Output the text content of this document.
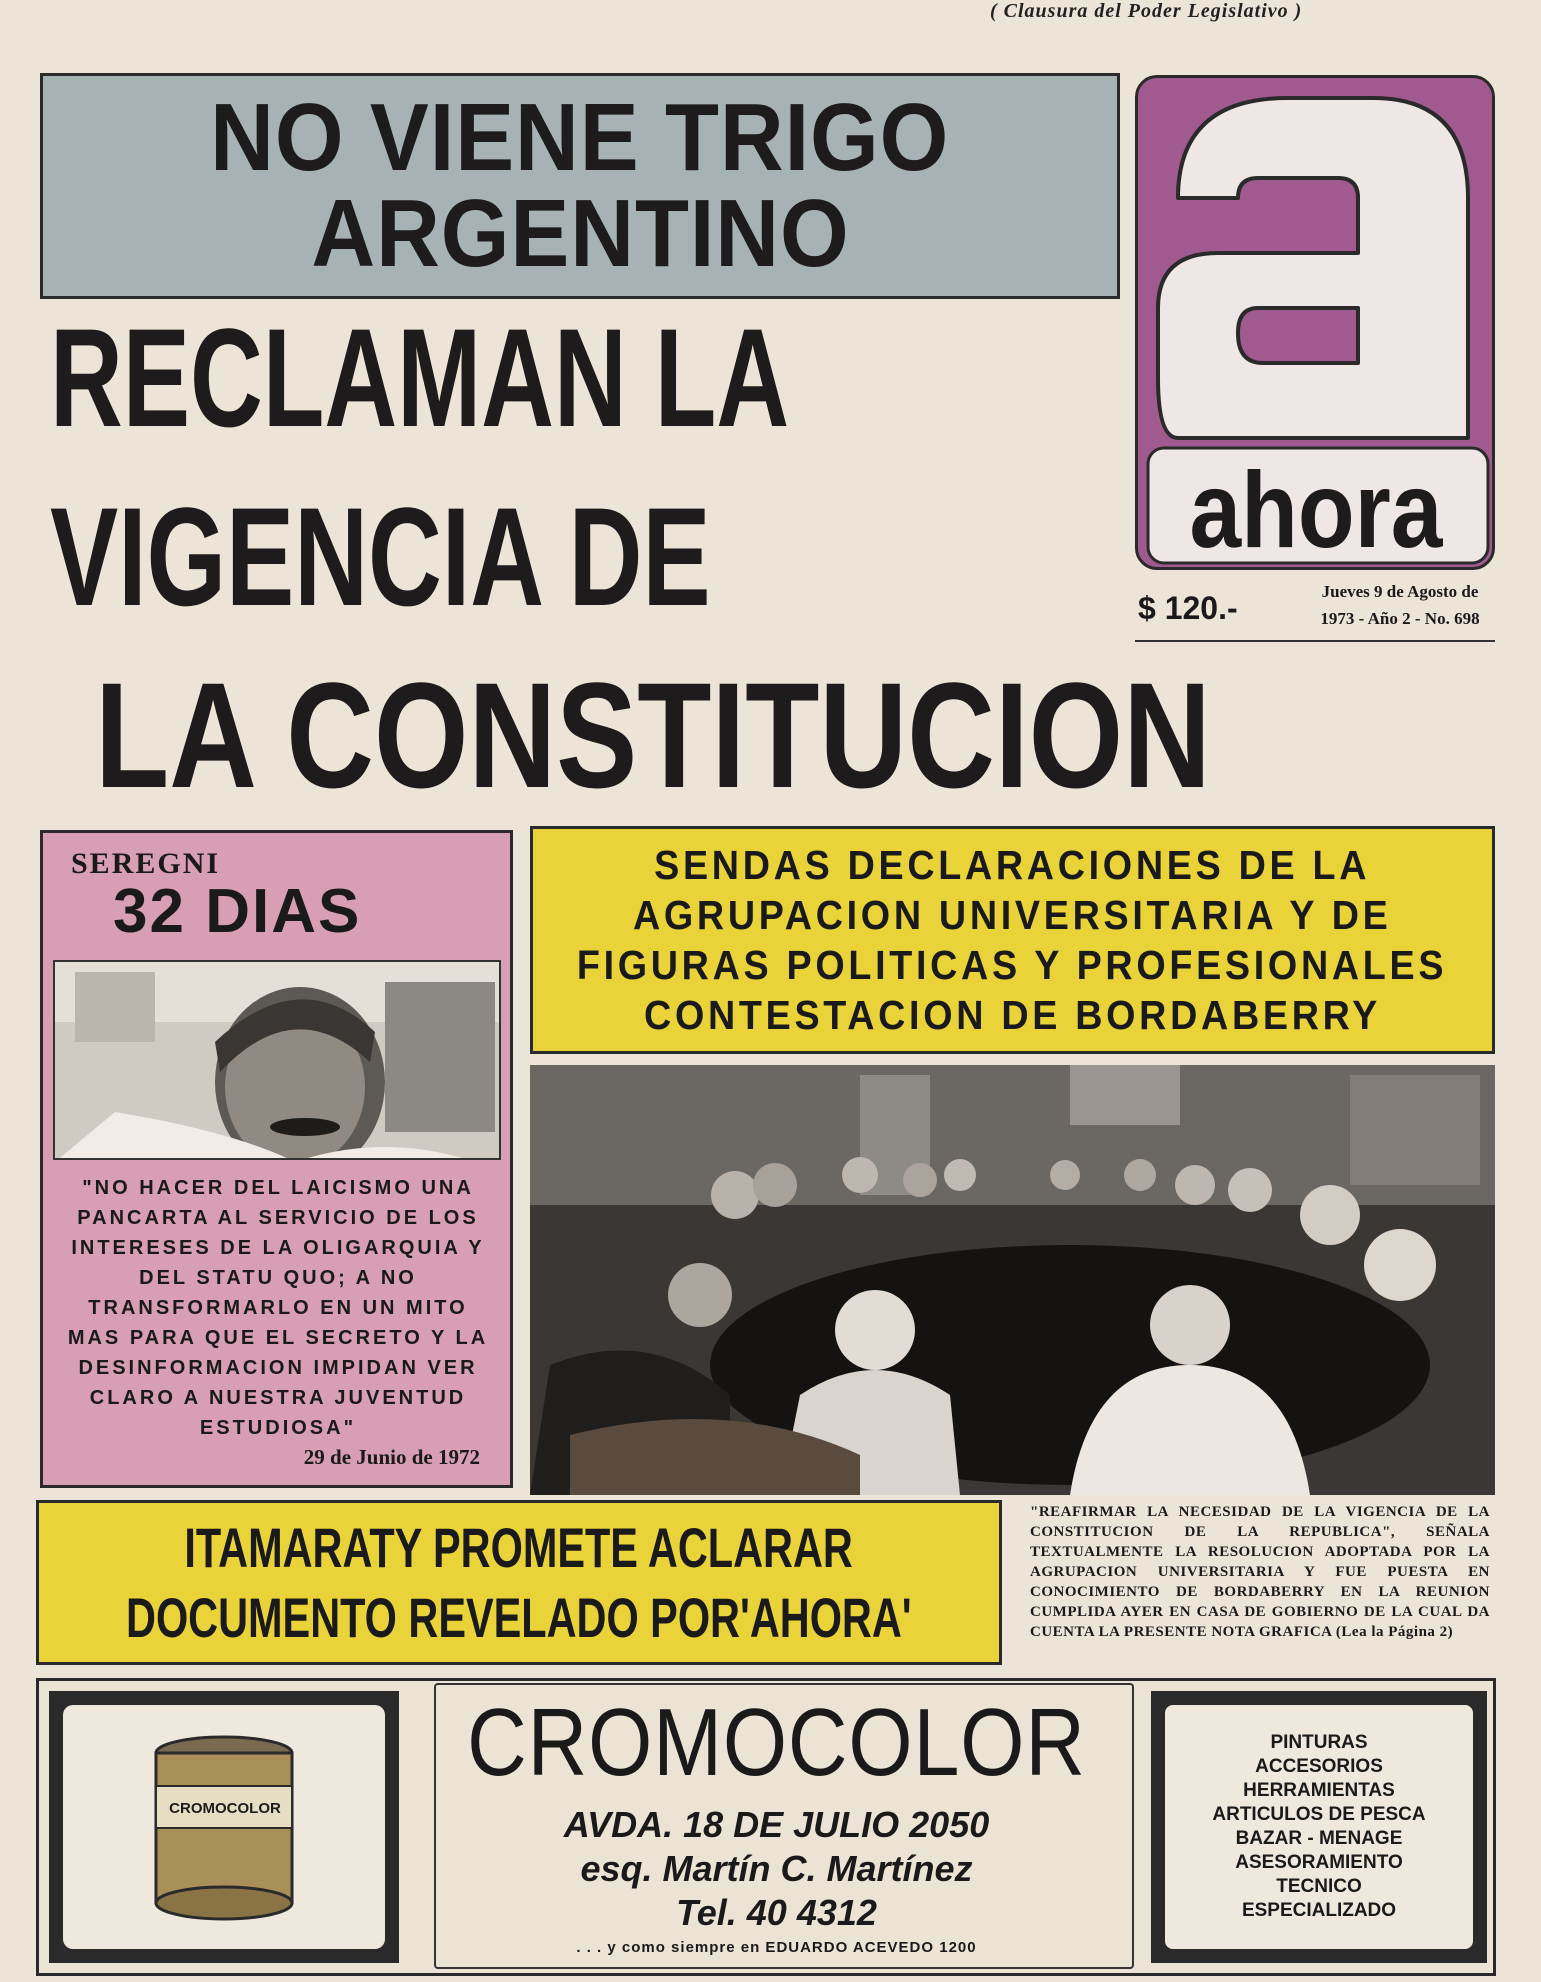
( Clausura del Poder Legislativo )
NO VIENE TRIGO
ARGENTINO
RECLAMAN LA
VIGENCIA DE
LA CONSTITUCION
ahora
$ 120.-	Jueves 9 de Agosto de
1973 - Año 2 - No. 698
SEREGNI
32 DIAS
"NO HACER DEL LAICISMO UNA PANCARTA AL SERVICIO DE LOS INTERESES DE LA OLIGARQUIA Y DEL STATU QUO; A NO TRANSFORMARLO EN UN MITO MAS PARA QUE EL SECRETO Y LA DESINFORMACION IMPIDAN VER CLARO A NUESTRA JUVENTUD ESTUDIOSA"
29 de Junio de 1972
SENDAS DECLARACIONES DE LA
AGRUPACION UNIVERSITARIA Y DE
FIGURAS POLITICAS Y PROFESIONALES
CONTESTACION DE BORDABERRY
ITAMARATY PROMETE ACLARAR
DOCUMENTO REVELADO POR'AHORA'
"REAFIRMAR LA NECESIDAD DE LA VIGENCIA DE LA CONSTITUCION DE LA REPUBLICA", SEÑALA TEXTUALMENTE LA RESOLUCION ADOPTADA POR LA AGRUPACION UNIVERSITARIA Y FUE PUESTA EN CONOCIMIENTO DE BORDABERRY EN LA REUNION CUMPLIDA AYER EN CASA DE GOBIERNO DE LA CUAL DA CUENTA LA PRESENTE NOTA GRAFICA (Lea la Página 2)
CROMOCOLOR
CROMOCOLOR
AVDA. 18 DE JULIO 2050
esq. Martín C. Martínez
Tel. 40 4312
. . . y como siempre en EDUARDO ACEVEDO 1200
PINTURAS
ACCESORIOS
HERRAMIENTAS
ARTICULOS DE PESCA
BAZAR - MENAGE
ASESORAMIENTO
TECNICO
ESPECIALIZADO
